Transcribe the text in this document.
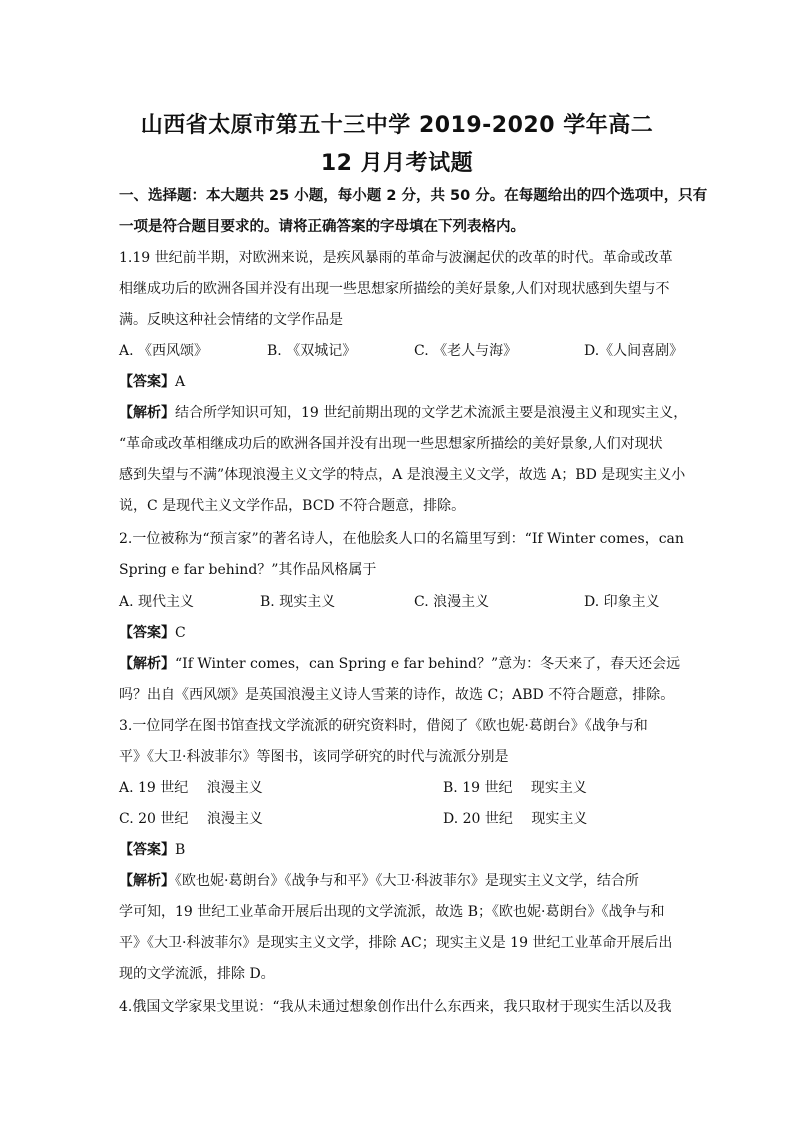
山西省太原市第五十三中学 2019-2020 学年高二
12 月月考试题
一、选择题：本大题共 25 小题，每小题 2 分，共 50 分。在每题给出的四个选项中，只有
一项是符合题目要求的。请将正确答案的字母填在下列表格内。
1.19 世纪前半期，对欧洲来说，是疾风暴雨的革命与波澜起伏的改革的时代。革命或改革
相继成功后的欧洲各国并没有出现一些思想家所描绘的美好景象,人们对现状感到失望与不
满。反映这种社会情绪的文学作品是
A. 《西风颂》	B. 《双城记》	C. 《老人与海》	D.《人间喜剧》
【答案】A
【解析】结合所学知识可知，19 世纪前期出现的文学艺术流派主要是浪漫主义和现实主义，
“革命或改革相继成功后的欧洲各国并没有出现一些思想家所描绘的美好景象,人们对现状
感到失望与不满”体现浪漫主义文学的特点，A 是浪漫主义文学，故选 A；BD 是现实主义小
说，C 是现代主义文学作品，BCD 不符合题意，排除。
2.一位被称为“预言家”的著名诗人，在他脍炙人口的名篇里写到：“If Winter comes，can
Spring e far behind？”其作品风格属于
A. 现代主义	B. 现实主义	C. 浪漫主义	D. 印象主义
【答案】C
【解析】“If Winter comes，can Spring e far behind？”意为：冬天来了，春天还会远
吗？出自《西风颂》是英国浪漫主义诗人雪莱的诗作，故选 C；ABD 不符合题意，排除。
3.一位同学在图书馆查找文学流派的研究资料时，借阅了《欧也妮·葛朗台》《战争与和
平》《大卫·科波菲尔》等图书，该同学研究的时代与流派分别是
A. 19 世纪　 浪漫主义	B. 19 世纪　 现实主义
C. 20 世纪　 浪漫主义	D. 20 世纪　 现实主义
【答案】B
【解析】《欧也妮·葛朗台》《战争与和平》《大卫·科波菲尔》是现实主义文学，结合所
学可知，19 世纪工业革命开展后出现的文学流派，故选 B；《欧也妮·葛朗台》《战争与和
平》《大卫·科波菲尔》是现实主义文学，排除 AC；现实主义是 19 世纪工业革命开展后出
现的文学流派，排除 D。
4.俄国文学家果戈里说：“我从未通过想象创作出什么东西来，我只取材于现实生活以及我
